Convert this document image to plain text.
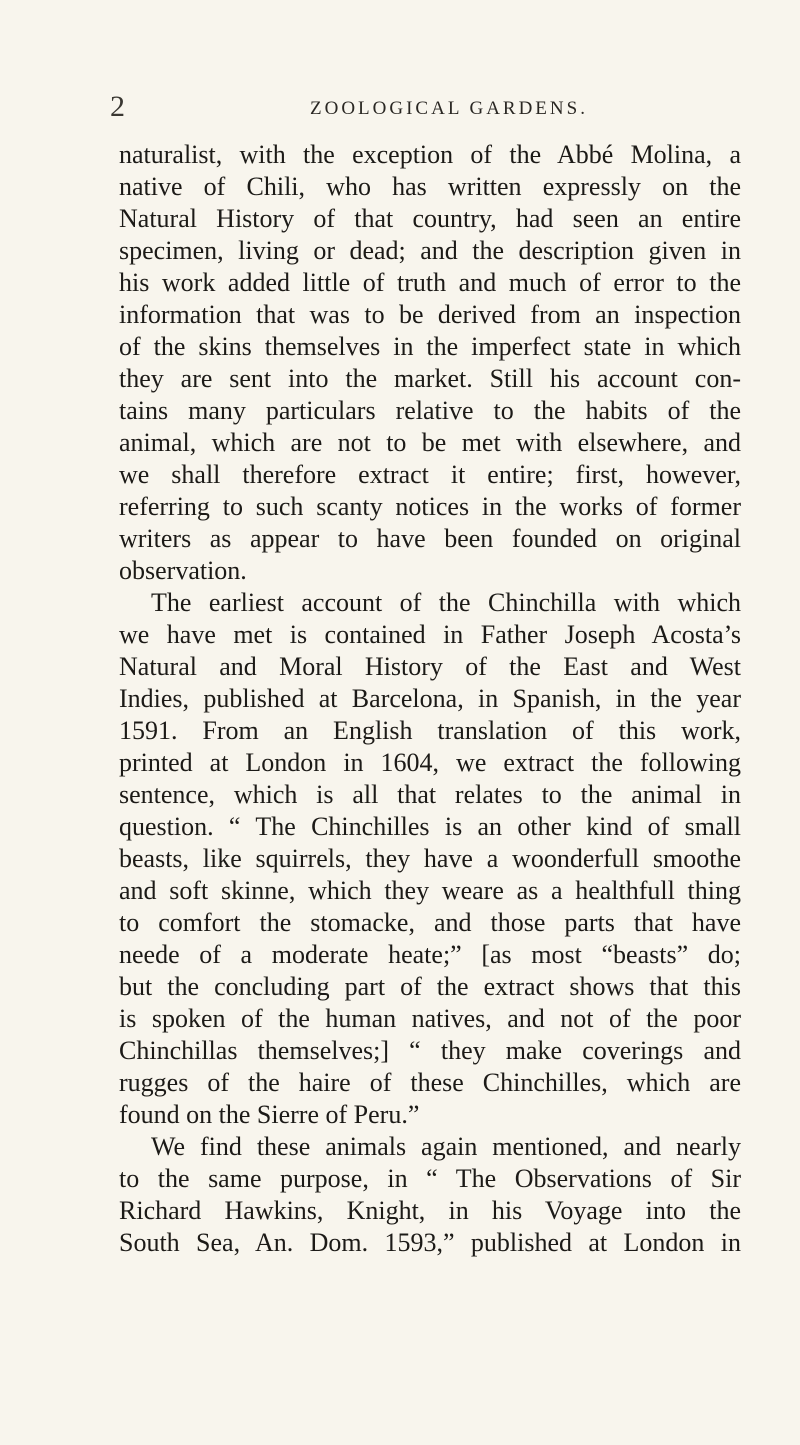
2	ZOOLOGICAL GARDENS.
naturalist, with the exception of the Abbé Molina, a
native of Chili, who has written expressly on the
Natural History of that country, had seen an entire
specimen, living or dead; and the description given in
his work added little of truth and much of error to the
information that was to be derived from an inspection
of the skins themselves in the imperfect state in which
they are sent into the market. Still his account con-
tains many particulars relative to the habits of the
animal, which are not to be met with elsewhere, and
we shall therefore extract it entire; first, however,
referring to such scanty notices in the works of former
writers as appear to have been founded on original
observation.
The earliest account of the Chinchilla with which
we have met is contained in Father Joseph Acosta’s
Natural and Moral History of the East and West
Indies, published at Barcelona, in Spanish, in the year
1591. From an English translation of this work,
printed at London in 1604, we extract the following
sentence, which is all that relates to the animal in
question. “ The Chinchilles is an other kind of small
beasts, like squirrels, they have a woonderfull smoothe
and soft skinne, which they weare as a healthfull thing
to comfort the stomacke, and those parts that have
neede of a moderate heate;” [as most “beasts” do;
but the concluding part of the extract shows that this
is spoken of the human natives, and not of the poor
Chinchillas themselves;] “ they make coverings and
rugges of the haire of these Chinchilles, which are
found on the Sierre of Peru.”
We find these animals again mentioned, and nearly
to the same purpose, in “ The Observations of Sir
Richard Hawkins, Knight, in his Voyage into the
South Sea, An. Dom. 1593,” published at London in
